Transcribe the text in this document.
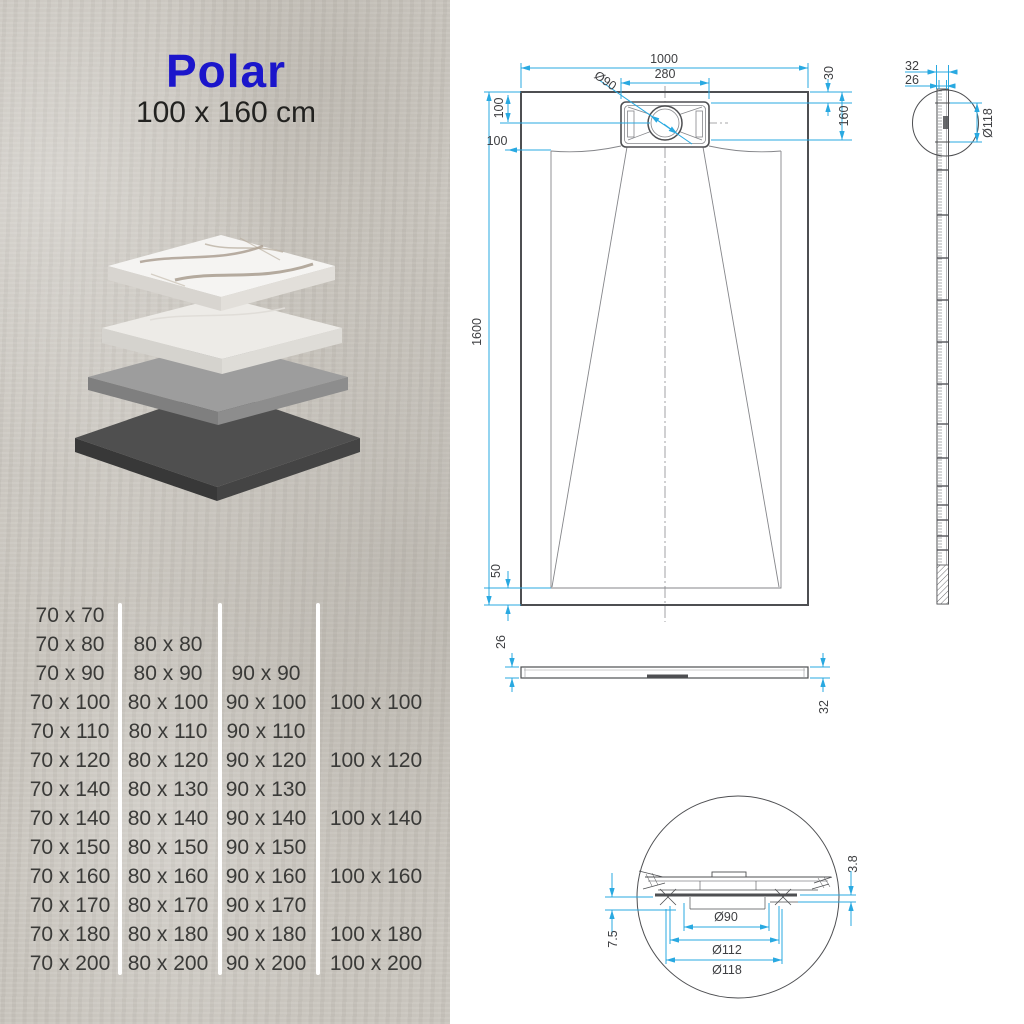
Polar
100 x 160 cm
70 x 70
70 x 80
70 x 90
70 x 100
70 x 110
70 x 120
70 x 140
70 x 140
70 x 150
70 x 160
70 x 170
70 x 180
70 x 200
80 x 80
80 x 90
80 x 100
80 x 110
80 x 120
80 x 130
80 x 140
80 x 150
80 x 160
80 x 170
80 x 180
80 x 200
90 x 90
90 x 100
90 x 110
90 x 120
90 x 130
90 x 140
90 x 150
90 x 160
90 x 170
90 x 180
90 x 200
100 x 100
100 x 120
100 x 140
100 x 160
100 x 180
100 x 200
1000
280
Ø90	30
160
100
100
1600
50
32
26
Ø118
26
32
7.5
3.8
Ø90
Ø112
Ø118
